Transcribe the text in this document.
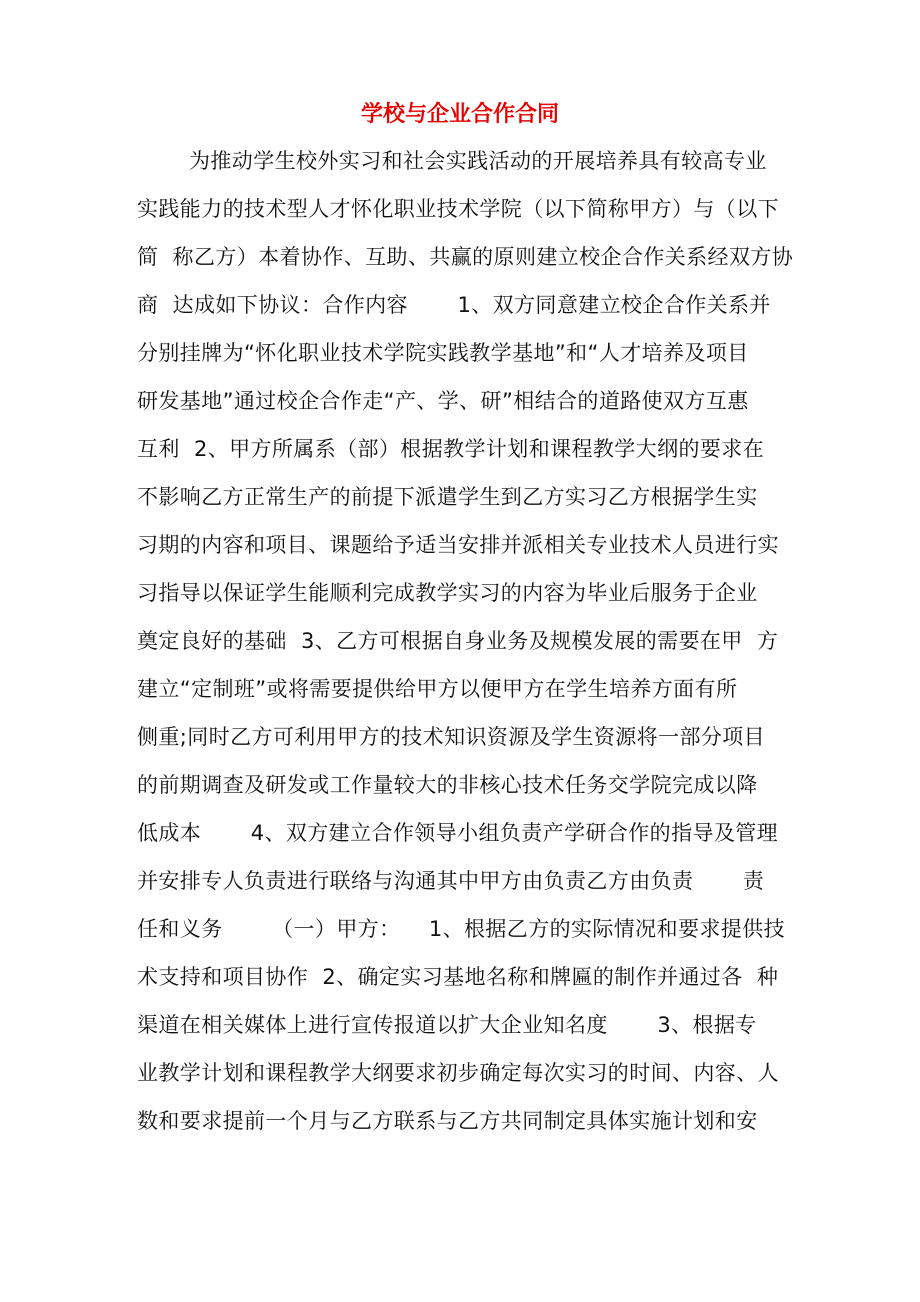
学校与企业合作合同
为推动学生校外实习和社会实践活动的开展培养具有较高专业
实践能力的技术型人才怀化职业技术学院（以下简称甲方）与（以下
简  称乙方）本着协作、互助、共赢的原则建立校企合作关系经双方协
商  达成如下协议：合作内容       1、双方同意建立校企合作关系并
分别挂牌为“怀化职业技术学院实践教学基地”和“人才培养及项目
研发基地”通过校企合作走“产、学、研”相结合的道路使双方互惠
互利  2、甲方所属系（部）根据教学计划和课程教学大纲的要求在
不影响乙方正常生产的前提下派遣学生到乙方实习乙方根据学生实
习期的内容和项目、课题给予适当安排并派相关专业技术人员进行实
习指导以保证学生能顺利完成教学实习的内容为毕业后服务于企业
奠定良好的基础  3、乙方可根据自身业务及规模发展的需要在甲  方
建立“定制班”或将需要提供给甲方以便甲方在学生培养方面有所
侧重;同时乙方可利用甲方的技术知识资源及学生资源将一部分项目
的前期调查及研发或工作量较大的非核心技术任务交学院完成以降
低成本       4、双方建立合作领导小组负责产学研合作的指导及管理
并安排专人负责进行联络与沟通其中甲方由负责乙方由负责       责
任和义务       （一）甲方：    1、根据乙方的实际情况和要求提供技
术支持和项目协作  2、确定实习基地名称和牌匾的制作并通过各  种
渠道在相关媒体上进行宣传报道以扩大企业知名度       3、根据专
业教学计划和课程教学大纲要求初步确定每次实习的时间、内容、人
数和要求提前一个月与乙方联系与乙方共同制定具体实施计划和安
